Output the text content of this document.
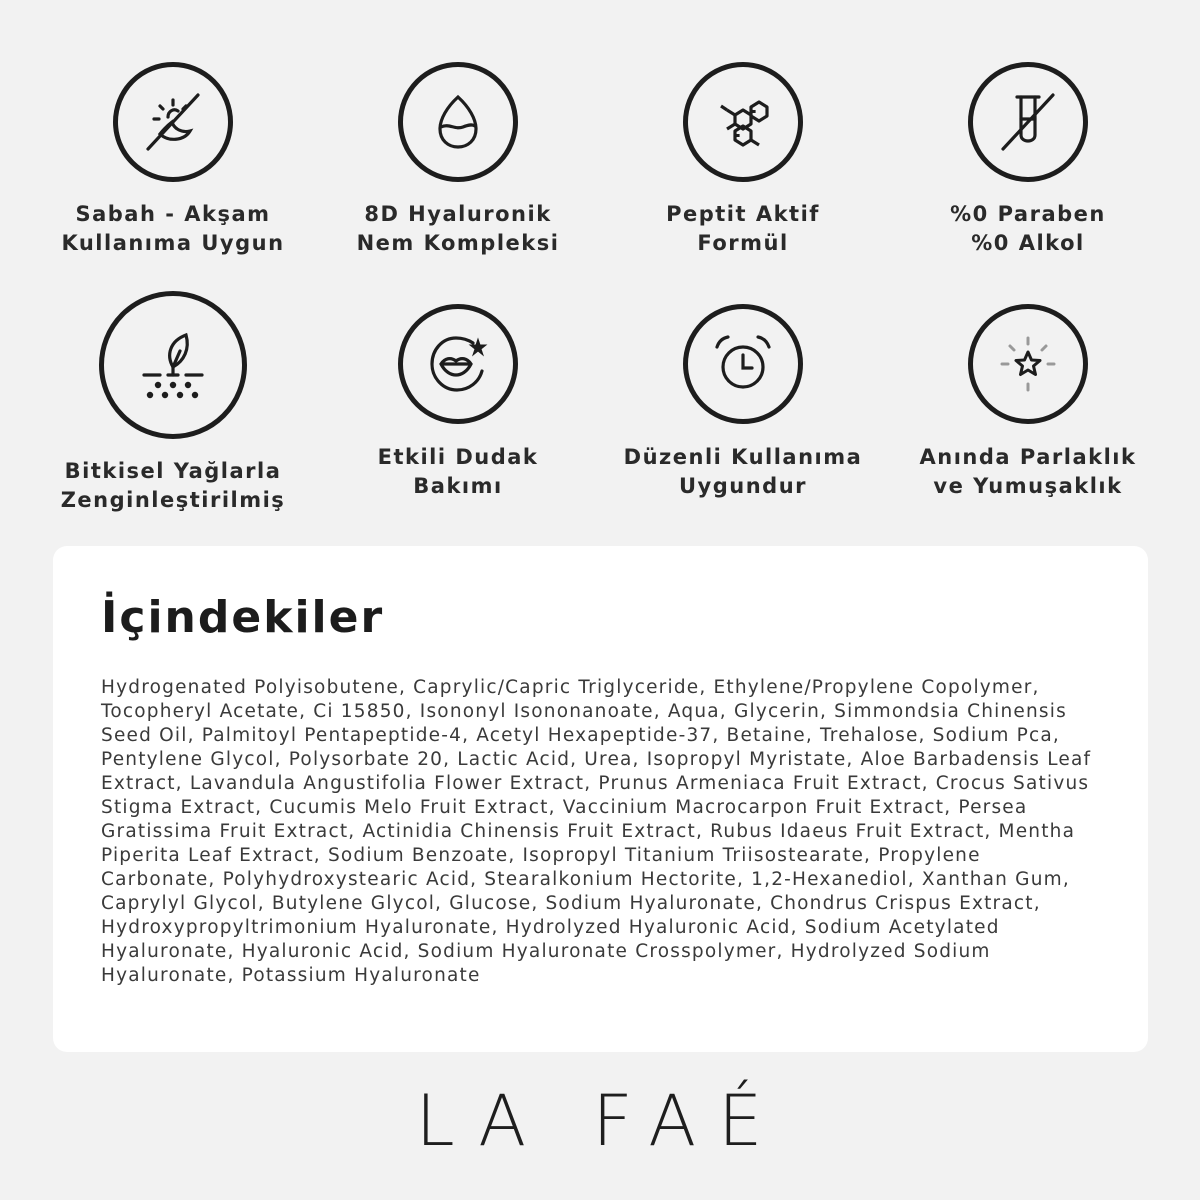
Sabah - Akşam
Kullanıma Uygun
8D Hyaluronik
Nem Kompleksi
Peptit Aktif
Formül
%0 Paraben
%0 Alkol
Bitkisel Yağlarla
Zenginleştirilmiş
Etkili Dudak
Bakımı
Düzenli Kullanıma
Uygundur
Anında Parlaklık
ve Yumuşaklık
İçindekiler
Hydrogenated Polyisobutene, Caprylic/Capric Triglyceride, Ethylene/Propylene Copolymer, Tocopheryl Acetate, Ci 15850, Isononyl Isononanoate, Aqua, Glycerin, Simmondsia Chinensis Seed Oil, Palmitoyl Pentapeptide-4, Acetyl Hexapeptide-37, Betaine, Trehalose, Sodium Pca, Pentylene Glycol, Polysorbate 20, Lactic Acid, Urea, Isopropyl Myristate, Aloe Barbadensis Leaf Extract, Lavandula Angustifolia Flower Extract, Prunus Armeniaca Fruit Extract, Crocus Sativus Stigma Extract, Cucumis Melo Fruit Extract, Vaccinium Macrocarpon Fruit Extract, Persea Gratissima Fruit Extract, Actinidia Chinensis Fruit Extract, Rubus Idaeus Fruit Extract, Mentha Piperita Leaf Extract, Sodium Benzoate, Isopropyl Titanium Triisostearate, Propylene Carbonate, Polyhydroxystearic Acid, Stearalkonium Hectorite, 1,2-Hexanediol, Xanthan Gum, Caprylyl Glycol, Butylene Glycol, Glucose, Sodium Hyaluronate, Chondrus Crispus Extract, Hydroxypropyltrimonium Hyaluronate, Hydrolyzed Hyaluronic Acid, Sodium Acetylated Hyaluronate, Hyaluronic Acid, Sodium Hyaluronate Crosspolymer, Hydrolyzed Sodium Hyaluronate, Potassium Hyaluronate
LA FAÉ
